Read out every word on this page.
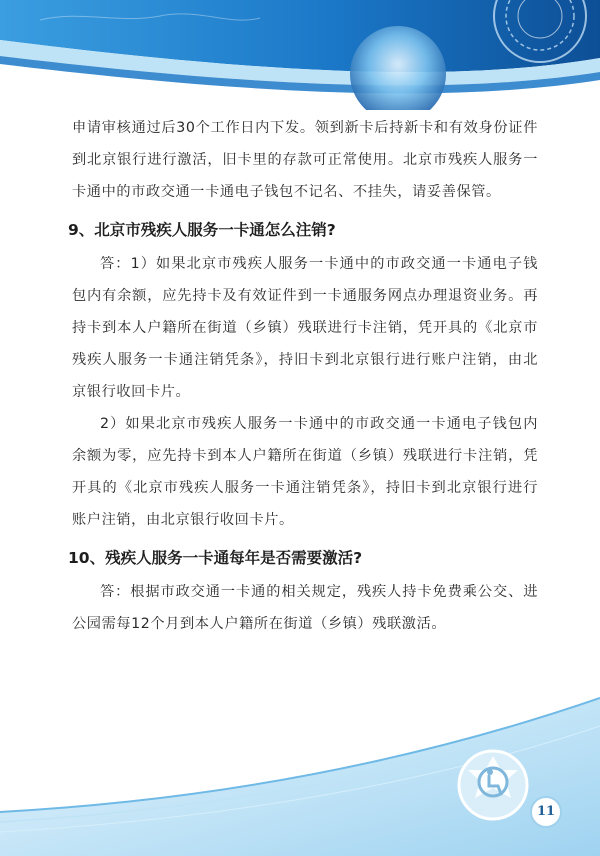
申请审核通过后30个工作日内下发。领到新卡后持新卡和有效身份证件到北京银行进行激活，旧卡里的存款可正常使用。北京市残疾人服务一卡通中的市政交通一卡通电子钱包不记名、不挂失，请妥善保管。

9、北京市残疾人服务一卡通怎么注销?

答：1）如果北京市残疾人服务一卡通中的市政交通一卡通电子钱包内有余额，应先持卡及有效证件到一卡通服务网点办理退资业务。再持卡到本人户籍所在街道（乡镇）残联进行卡注销，凭开具的《北京市残疾人服务一卡通注销凭条》，持旧卡到北京银行进行账户注销，由北京银行收回卡片。

2）如果北京市残疾人服务一卡通中的市政交通一卡通电子钱包内余额为零，应先持卡到本人户籍所在街道（乡镇）残联进行卡注销，凭开具的《北京市残疾人服务一卡通注销凭条》，持旧卡到北京银行进行账户注销，由北京银行收回卡片。

10、残疾人服务一卡通每年是否需要激活?

答：根据市政交通一卡通的相关规定，残疾人持卡免费乘公交、进公园需每12个月到本人户籍所在街道（乡镇）残联激活。

11
